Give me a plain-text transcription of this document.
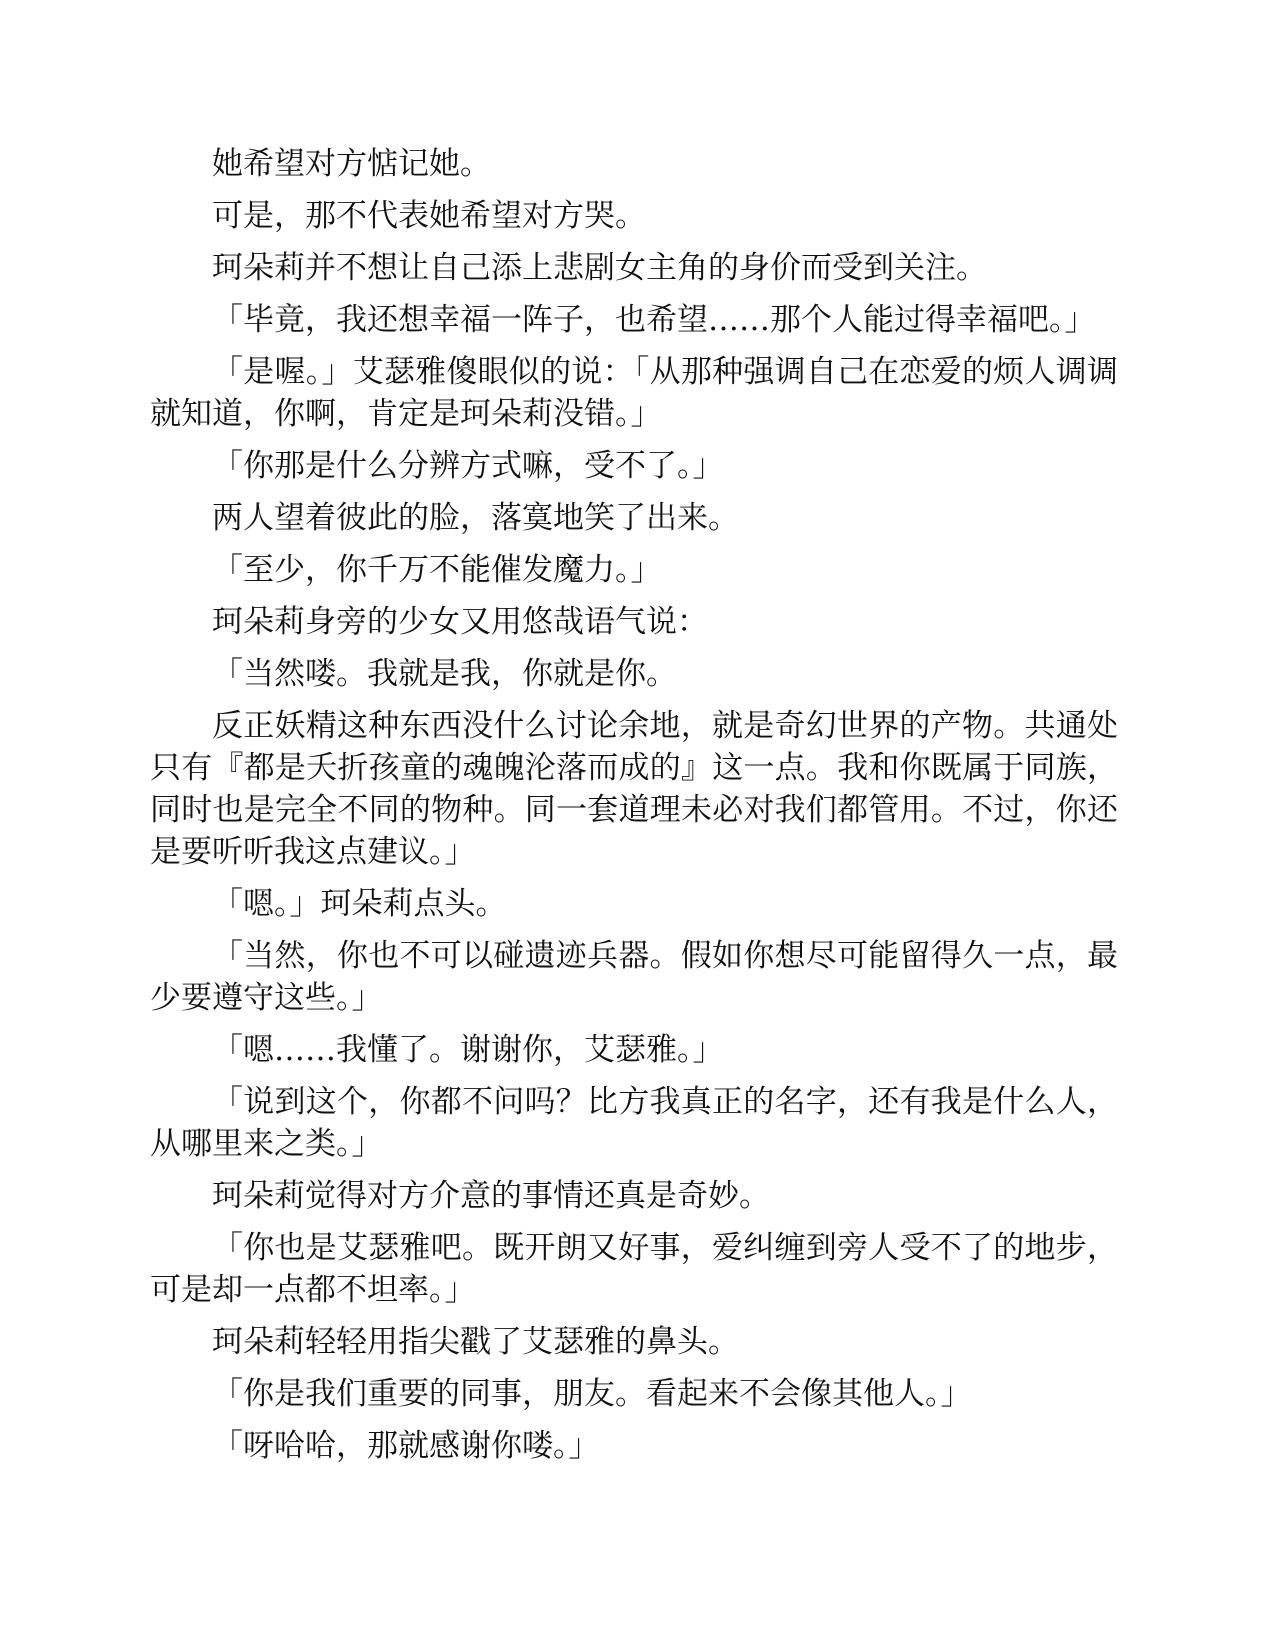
她希望对方惦记她。

可是，那不代表她希望对方哭。

珂朵莉并不想让自己添上悲剧女主角的身价而受到关注。

「毕竟，我还想幸福一阵子，也希望……那个人能过得幸福吧。」

「是喔。」艾瑟雅傻眼似的说：「从那种强调自己在恋爱的烦人调调就知道，你啊，肯定是珂朵莉没错。」

「你那是什么分辨方式嘛，受不了。」

两人望着彼此的脸，落寞地笑了出来。

「至少，你千万不能催发魔力。」

珂朵莉身旁的少女又用悠哉语气说：

「当然喽。我就是我，你就是你。

反正妖精这种东西没什么讨论余地，就是奇幻世界的产物。共通处只有『都是夭折孩童的魂魄沦落而成的』这一点。我和你既属于同族，同时也是完全不同的物种。同一套道理未必对我们都管用。不过，你还是要听听我这点建议。」

「嗯。」珂朵莉点头。

「当然，你也不可以碰遗迹兵器。假如你想尽可能留得久一点，最少要遵守这些。」

「嗯……我懂了。谢谢你，艾瑟雅。」

「说到这个，你都不问吗？比方我真正的名字，还有我是什么人，从哪里来之类。」

珂朵莉觉得对方介意的事情还真是奇妙。

「你也是艾瑟雅吧。既开朗又好事，爱纠缠到旁人受不了的地步，可是却一点都不坦率。」

珂朵莉轻轻用指尖戳了艾瑟雅的鼻头。

「你是我们重要的同事，朋友。看起来不会像其他人。」

「呀哈哈，那就感谢你喽。」
